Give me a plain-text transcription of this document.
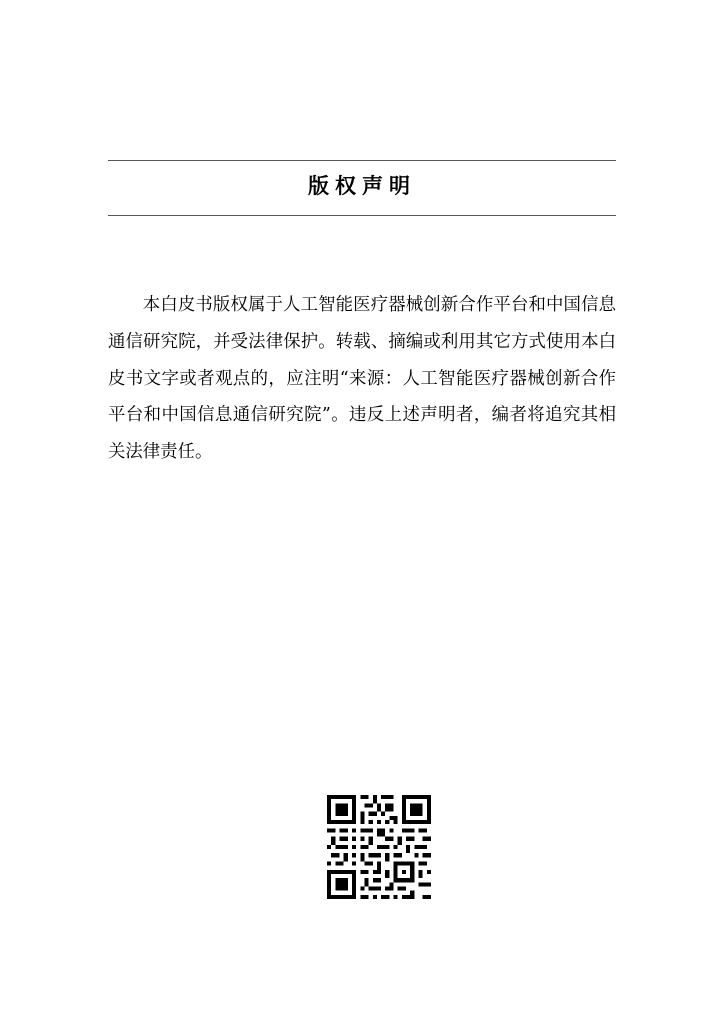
版权声明

本白皮书版权属于人工智能医疗器械创新合作平台和中国信息通信研究院，并受法律保护。转载、摘编或利用其它方式使用本白皮书文字或者观点的，应注明“来源：人工智能医疗器械创新合作平台和中国信息通信研究院”。违反上述声明者，编者将追究其相关法律责任。
